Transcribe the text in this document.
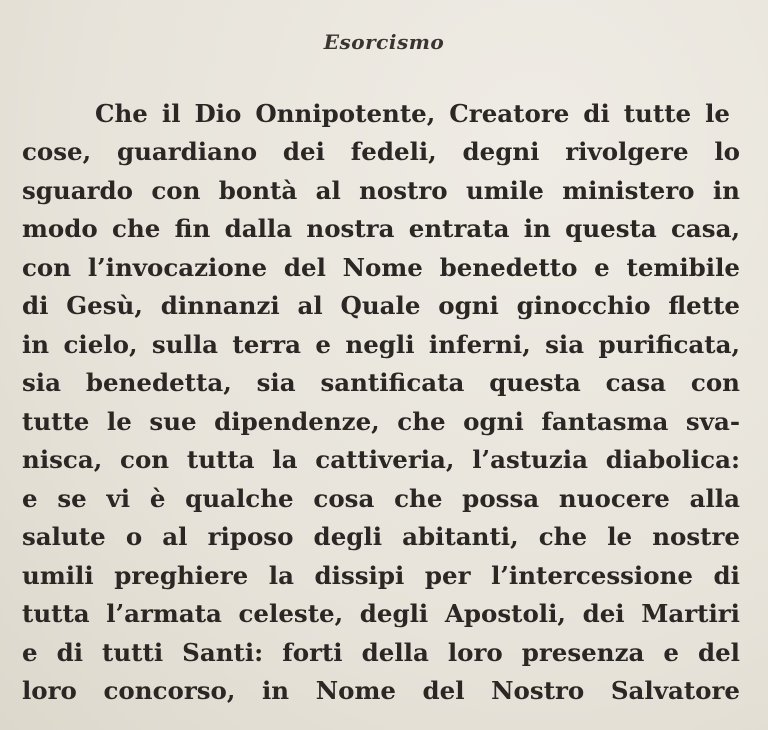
Esorcismo
Che il Dio Onnipotente, Creatore di tutte le
cose, guardiano dei fedeli, degni rivolgere lo
sguardo con bontà al nostro umile ministero in
modo che fin dalla nostra entrata in questa casa,
con l’invocazione del Nome benedetto e temibile
di Gesù, dinnanzi al Quale ogni ginocchio flette
in cielo, sulla terra e negli inferni, sia purificata,
sia benedetta, sia santificata questa casa con
tutte le sue dipendenze, che ogni fantasma sva-
nisca, con tutta la cattiveria, l’astuzia diabolica:
e se vi è qualche cosa che possa nuocere alla
salute o al riposo degli abitanti, che le nostre
umili preghiere la dissipi per l’intercessione di
tutta l’armata celeste, degli Apostoli, dei Martiri
e di tutti Santi: forti della loro presenza e del
loro concorso, in Nome del Nostro Salvatore
